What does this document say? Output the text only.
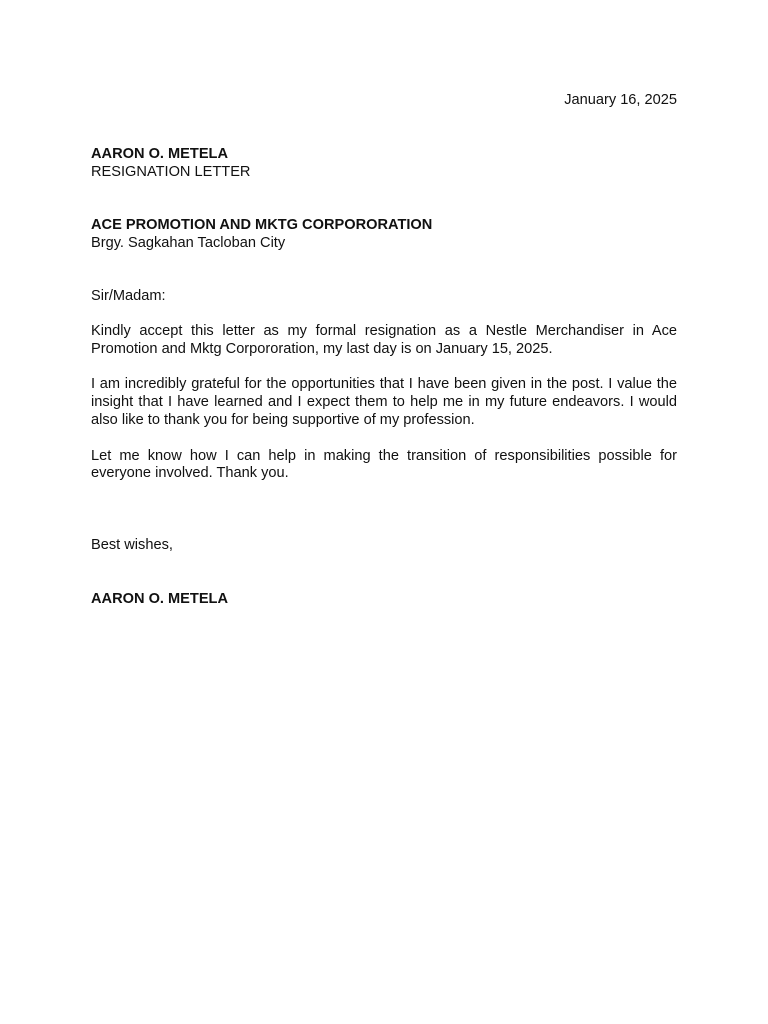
January 16, 2025

AARON O. METELA

RESIGNATION LETTER

ACE PROMOTION AND MKTG CORPORORATION

Brgy. Sagkahan Tacloban City

Sir/Madam:

Kindly accept this letter as my formal resignation as a Nestle Merchandiser in Ace Promotion and Mktg Corpororation, my last day is on January 15, 2025.

I am incredibly grateful for the opportunities that I have been given in the post. I value the insight that I have learned and I expect them to help me in my future endeavors. I would also like to thank you for being supportive of my profession.

Let me know how I can help in making the transition of responsibilities possible for everyone involved. Thank you.

Best wishes,

AARON O. METELA
